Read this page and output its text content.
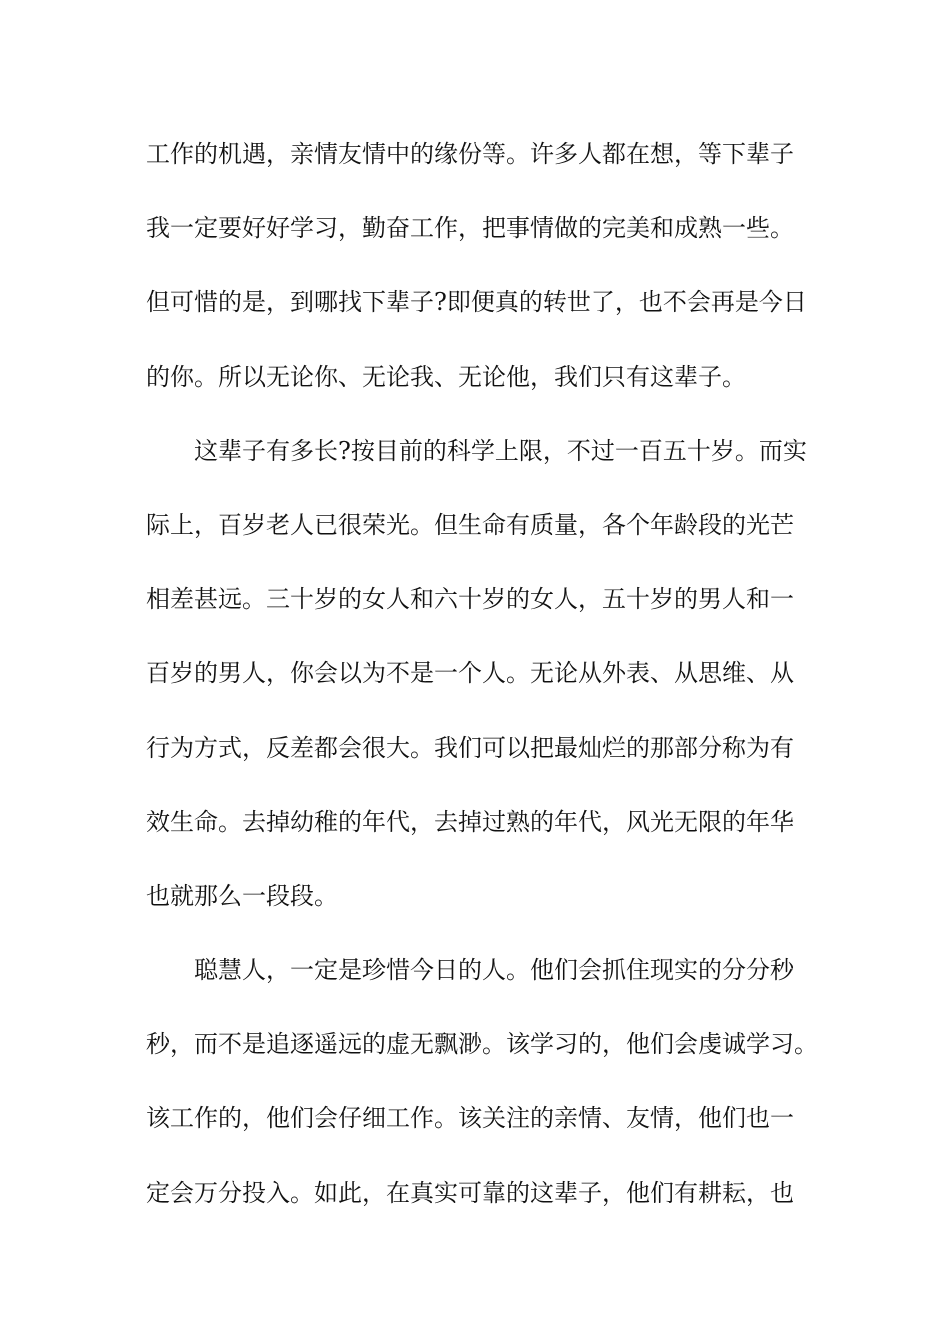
工作的机遇，亲情友情中的缘份等。许多人都在想，等下辈子
我一定要好好学习，勤奋工作，把事情做的完美和成熟一些。
但可惜的是，到哪找下辈子?即便真的转世了，也不会再是今日
的你。所以无论你、无论我、无论他，我们只有这辈子。
这辈子有多长?按目前的科学上限，不过一百五十岁。而实
际上，百岁老人已很荣光。但生命有质量，各个年龄段的光芒
相差甚远。三十岁的女人和六十岁的女人，五十岁的男人和一
百岁的男人，你会以为不是一个人。无论从外表、从思维、从
行为方式，反差都会很大。我们可以把最灿烂的那部分称为有
效生命。去掉幼稚的年代，去掉过熟的年代，风光无限的年华
也就那么一段段。
聪慧人，一定是珍惜今日的人。他们会抓住现实的分分秒
秒，而不是追逐遥远的虚无飘渺。该学习的，他们会虔诚学习。
该工作的，他们会仔细工作。该关注的亲情、友情，他们也一
定会万分投入。如此，在真实可靠的这辈子，他们有耕耘，也
